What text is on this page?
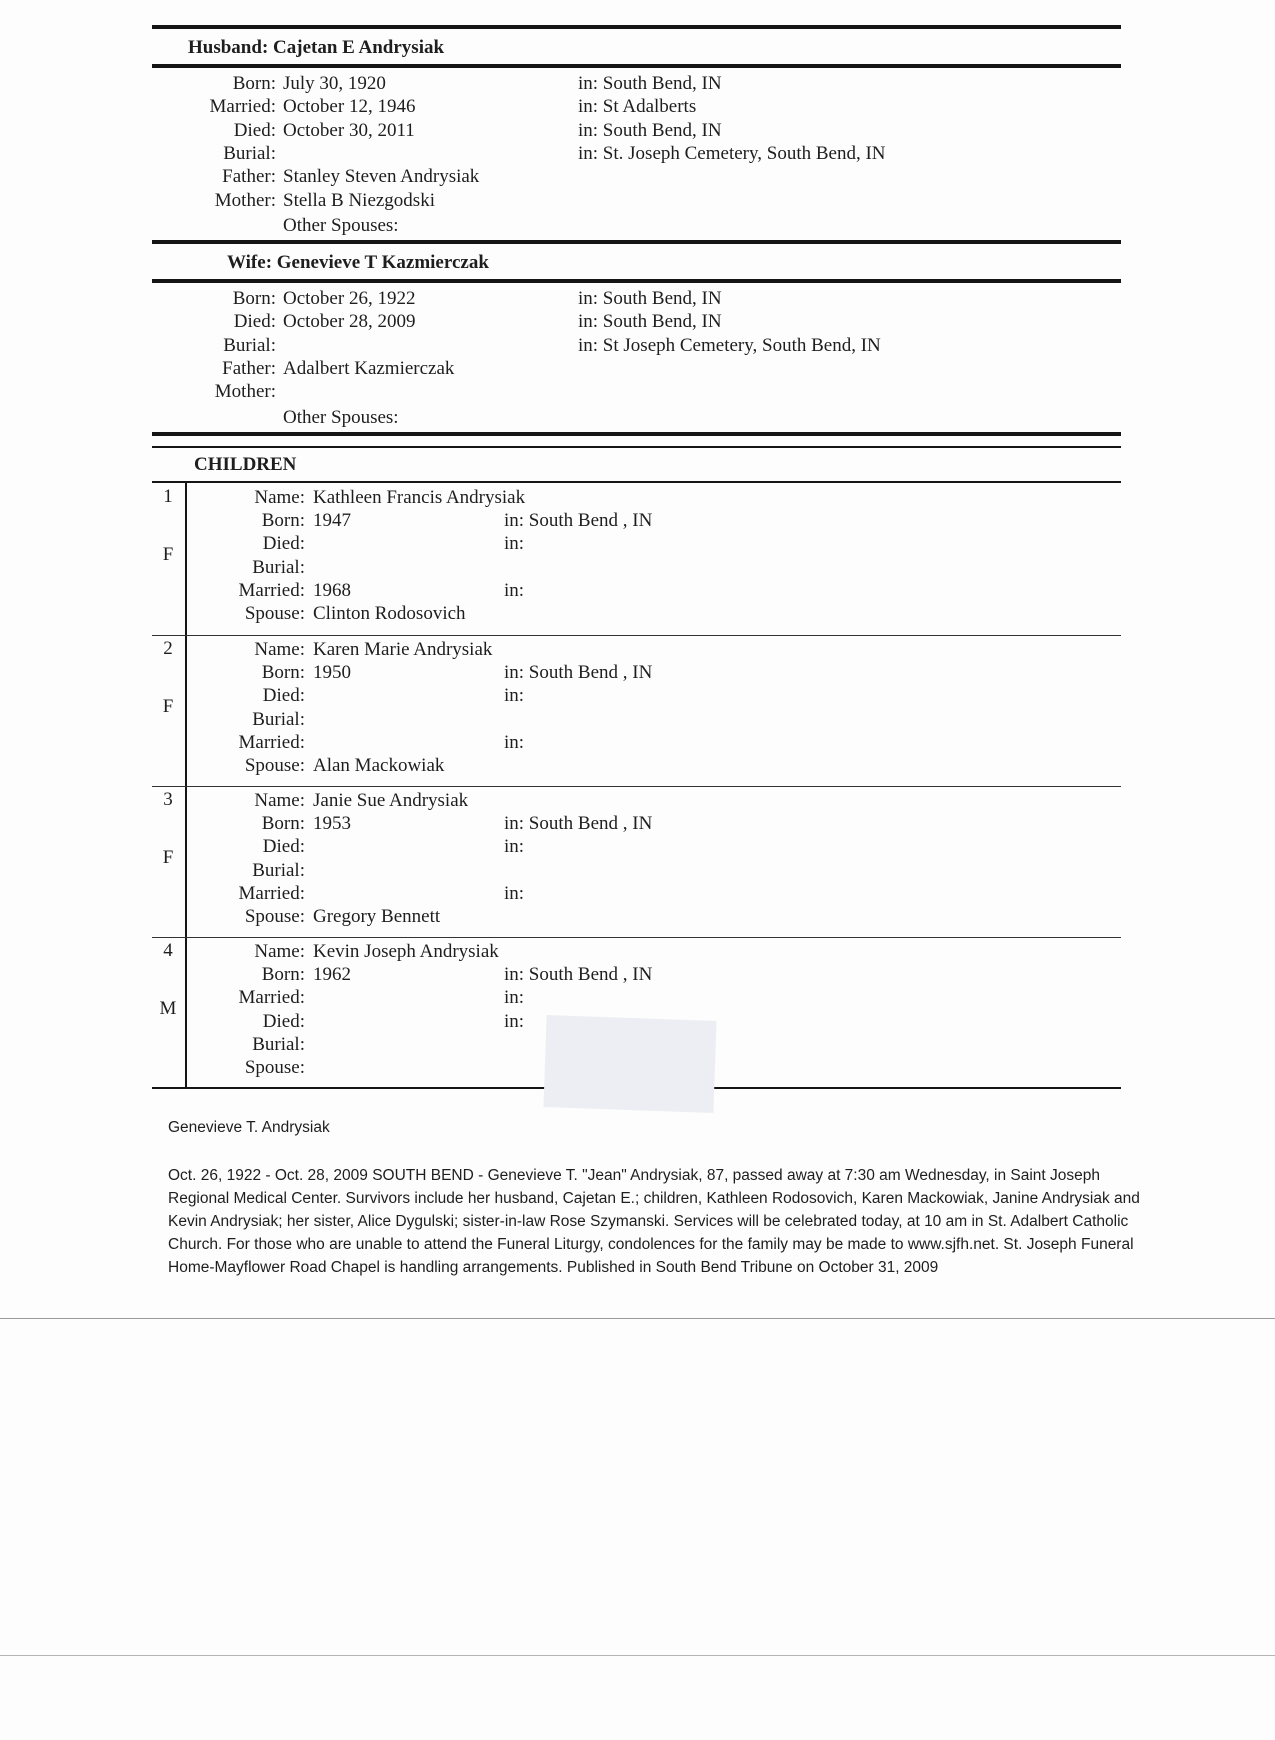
Husband: Cajetan E Andrysiak
Born: July 30, 1920	in: South Bend, IN
Married: October 12, 1946	in: St Adalberts
Died: October 30, 2011	in: South Bend, IN
Burial:	in: St. Joseph Cemetery, South Bend, IN
Father: Stanley Steven Andrysiak
Mother: Stella B Niezgodski
Other Spouses:
Wife: Genevieve T Kazmierczak
Born: October 26, 1922	in: South Bend, IN
Died: October 28, 2009	in: South Bend, IN
Burial:	in: St Joseph Cemetery, South Bend, IN
Father: Adalbert Kazmierczak
Mother:
Other Spouses:
CHILDREN
1
F
Name: Kathleen Francis Andrysiak
Born: 1947	in: South Bend , IN
Died:	in:
Burial:
Married: 1968	in:
Spouse: Clinton Rodosovich
2
F
Name: Karen Marie Andrysiak
Born: 1950	in: South Bend , IN
Died:	in:
Burial:
Married:	in:
Spouse: Alan Mackowiak
3
F
Name: Janie Sue Andrysiak
Born: 1953	in: South Bend , IN
Died:	in:
Burial:
Married:	in:
Spouse: Gregory Bennett
4
M
Name: Kevin Joseph Andrysiak
Born: 1962	in: South Bend , IN
Married:	in:
Died:	in:
Burial:
Spouse:
Genevieve T. Andrysiak
Oct. 26, 1922 - Oct. 28, 2009 SOUTH BEND - Genevieve T. "Jean" Andrysiak, 87, passed away at 7:30 am Wednesday, in Saint Joseph Regional Medical Center. Survivors include her husband, Cajetan E.; children, Kathleen Rodosovich, Karen Mackowiak, Janine Andrysiak and Kevin Andrysiak; her sister, Alice Dygulski; sister-in-law Rose Szymanski. Services will be celebrated today, at 10 am in St. Adalbert Catholic Church. For those who are unable to attend the Funeral Liturgy, condolences for the family may be made to www.sjfh.net. St. Joseph Funeral Home-Mayflower Road Chapel is handling arrangements. Published in South Bend Tribune on October 31, 2009
